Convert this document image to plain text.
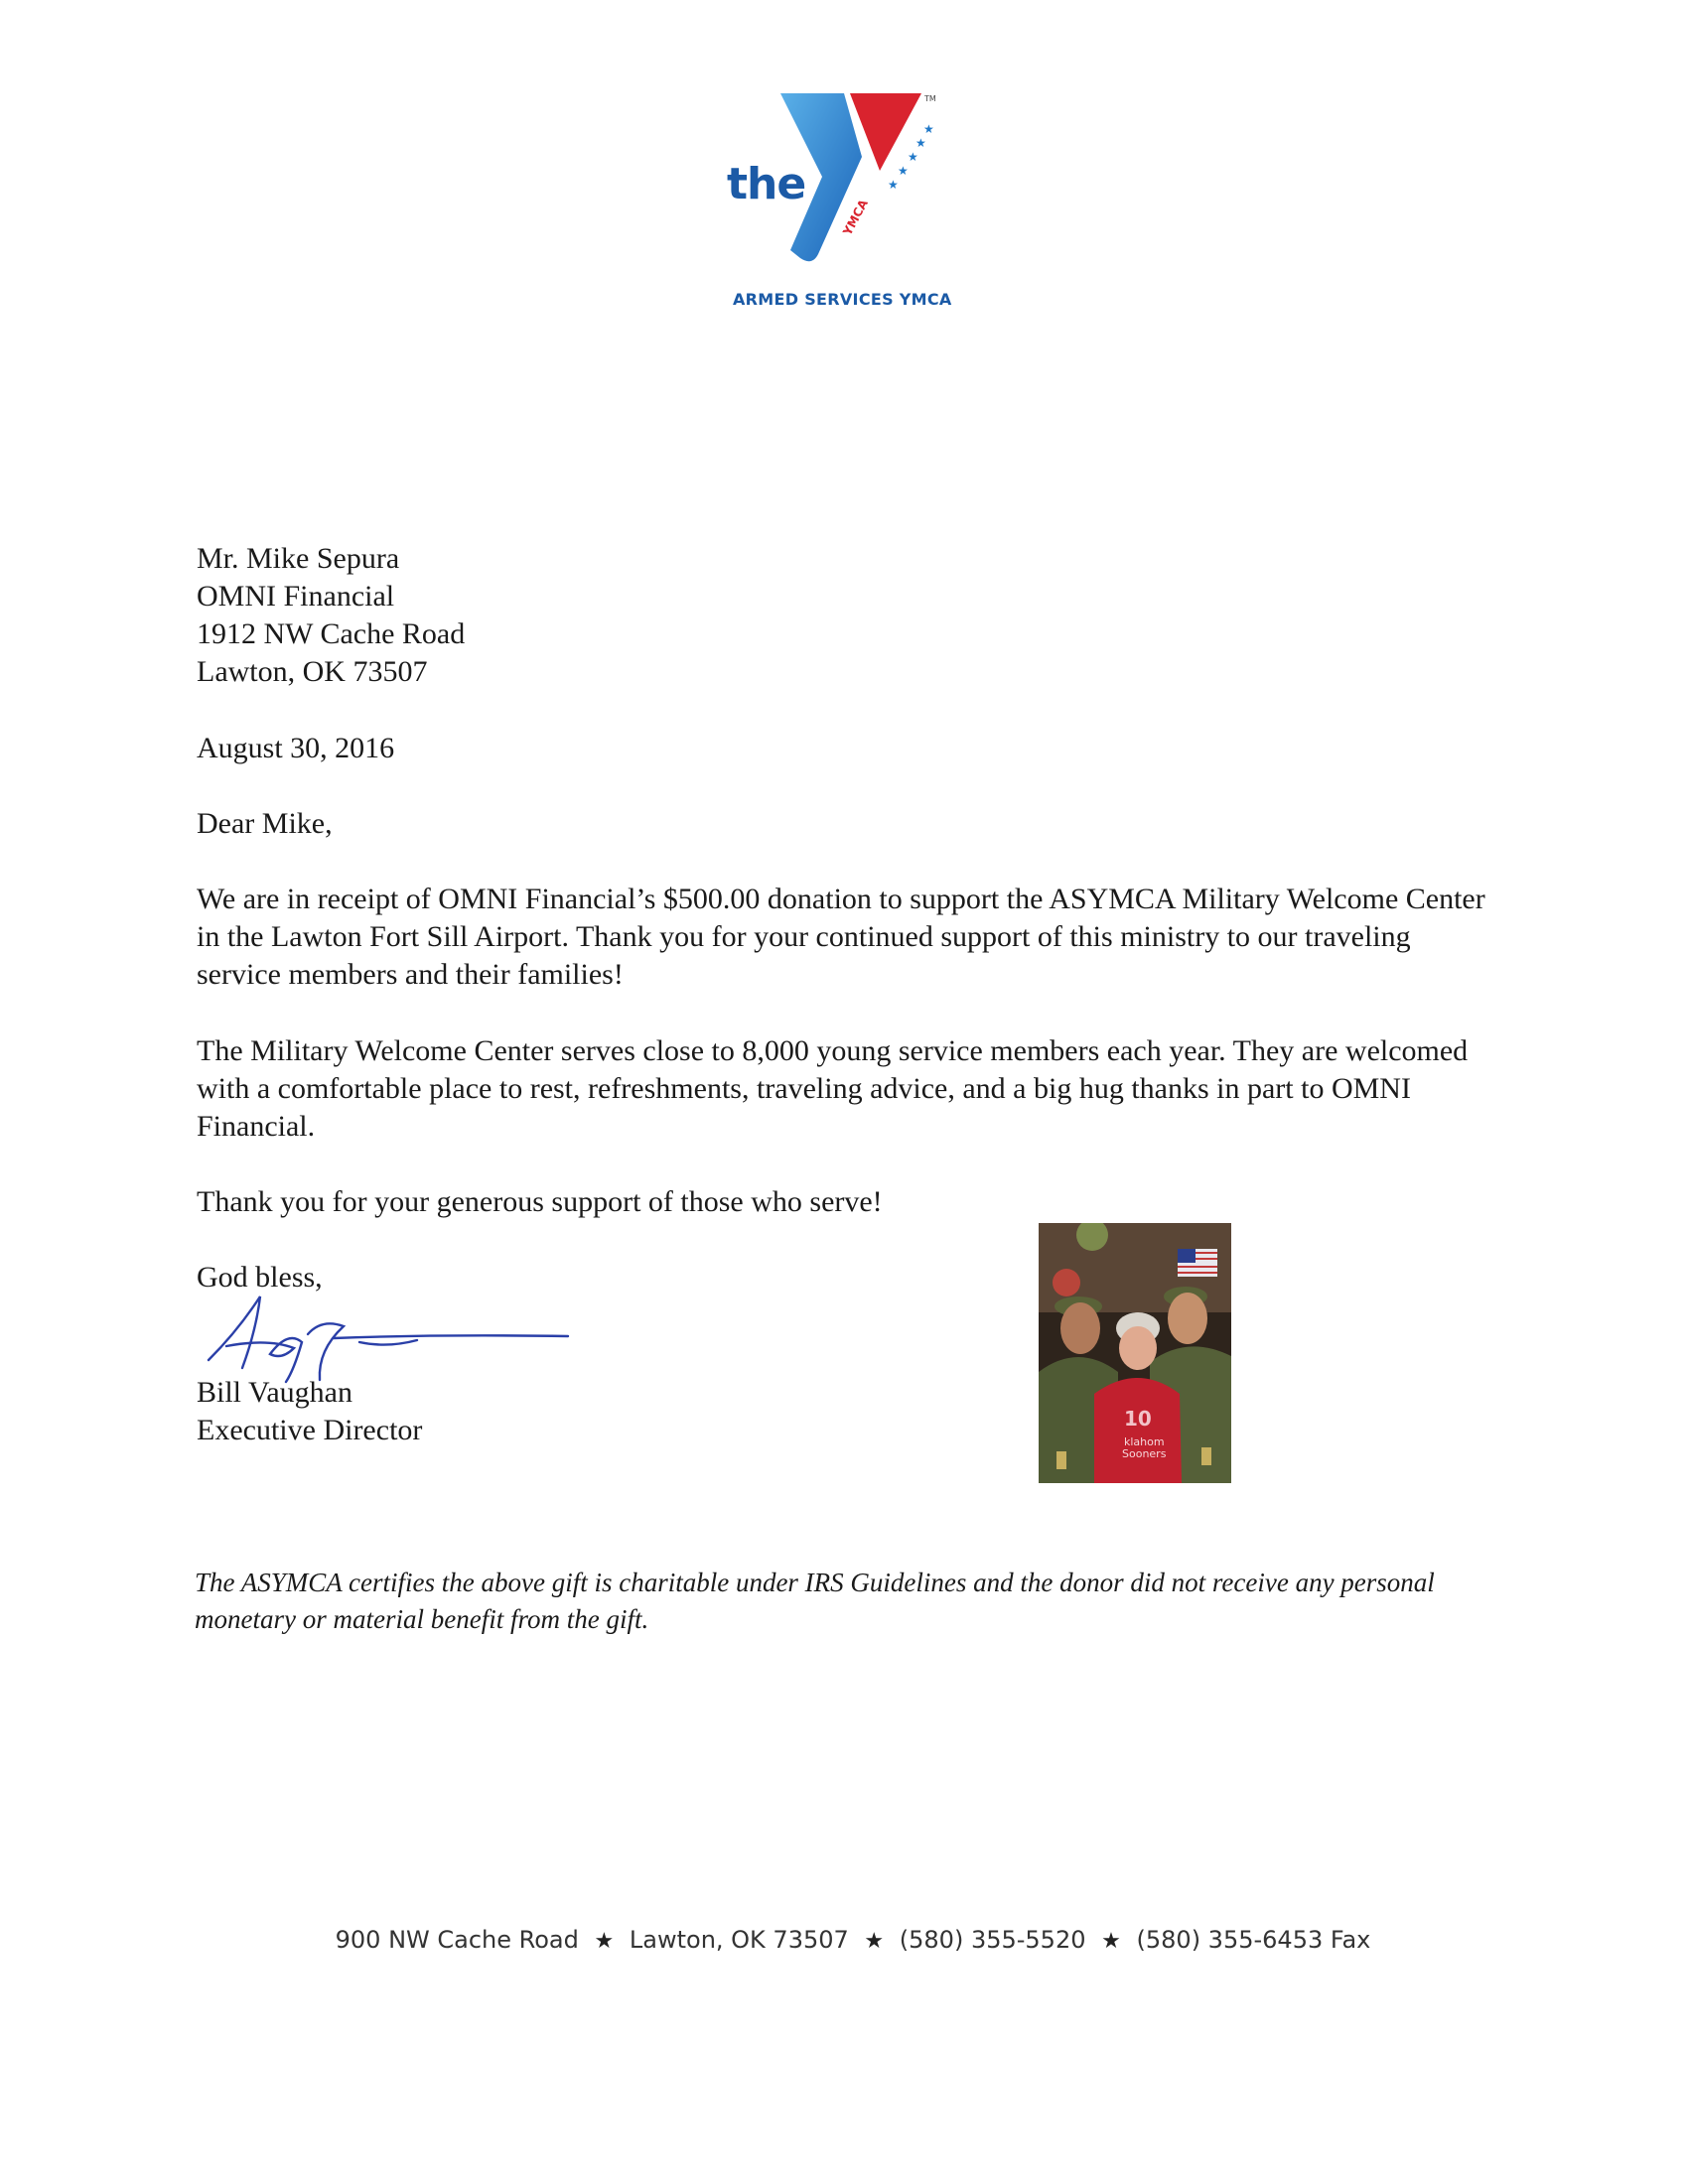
★
★
★
★
★
TM
YMCA
the
ARMED SERVICES YMCA
Mr. Mike Sepura
OMNI Financial
1912 NW Cache Road
Lawton, OK 73507
August 30, 2016
Dear Mike,
We are in receipt of OMNI Financial’s $500.00 donation to support the ASYMCA Military Welcome Center in the Lawton Fort Sill Airport. Thank you for your continued support of this ministry to our traveling service members and their families!
The Military Welcome Center serves close to 8,000 young service members each year. They are welcomed with a comfortable place to rest, refreshments, traveling advice, and a big hug thanks in part to OMNI Financial.
Thank you for your generous support of those who serve!
God bless,
Bill Vaughan
Executive Director	10
klahom
Sooners
The ASYMCA certifies the above gift is charitable under IRS Guidelines and the donor did not receive any personal monetary or material benefit from the gift.
900 NW Cache Road ★ Lawton, OK 73507 ★ (580) 355-5520 ★ (580) 355-6453 Fax
